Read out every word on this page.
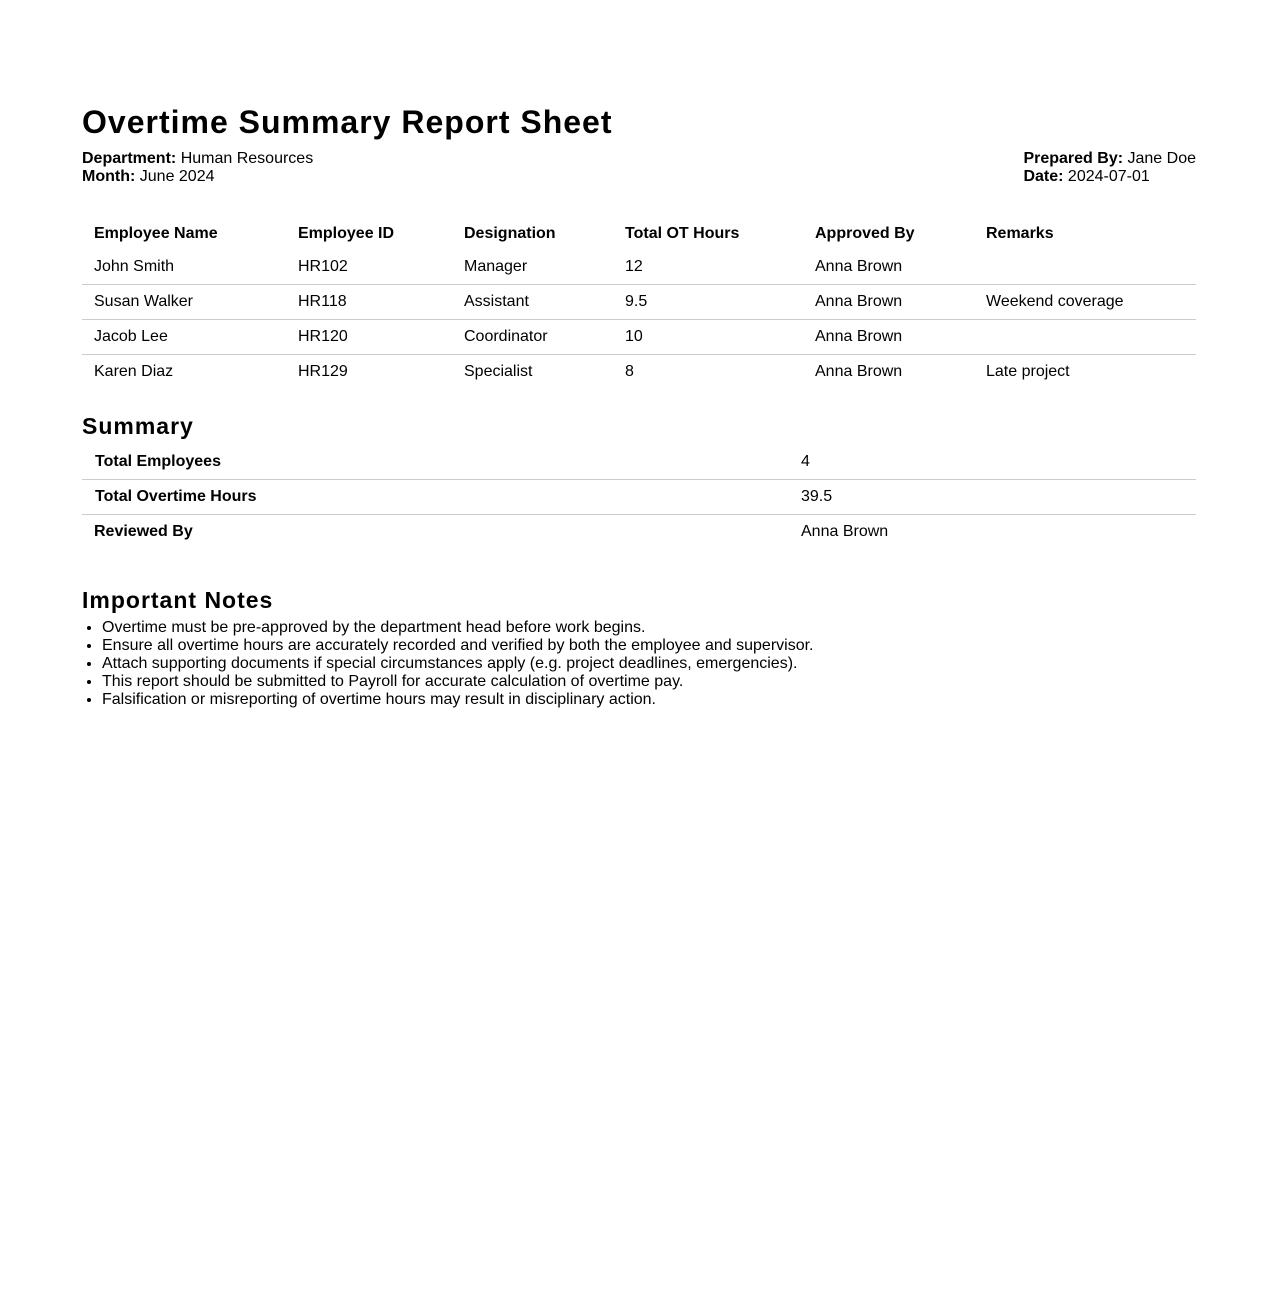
Overtime Summary Report Sheet
Department: Human Resources
Month: June 2024
Prepared By: Jane Doe
Date: 2024-07-01
Employee Name	Employee ID	Designation	Total OT Hours	Approved By	Remarks
John Smith	HR102	Manager	12	Anna Brown	
Susan Walker	HR118	Assistant	9.5	Anna Brown	Weekend coverage
Jacob Lee	HR120	Coordinator	10	Anna Brown	
Karen Diaz	HR129	Specialist	8	Anna Brown	Late project
Summary
Total Employees	4
Total Overtime Hours	39.5
Reviewed By	Anna Brown
Important Notes
• Overtime must be pre-approved by the department head before work begins.
• Ensure all overtime hours are accurately recorded and verified by both the employee and supervisor.
• Attach supporting documents if special circumstances apply (e.g. project deadlines, emergencies).
• This report should be submitted to Payroll for accurate calculation of overtime pay.
• Falsification or misreporting of overtime hours may result in disciplinary action.
